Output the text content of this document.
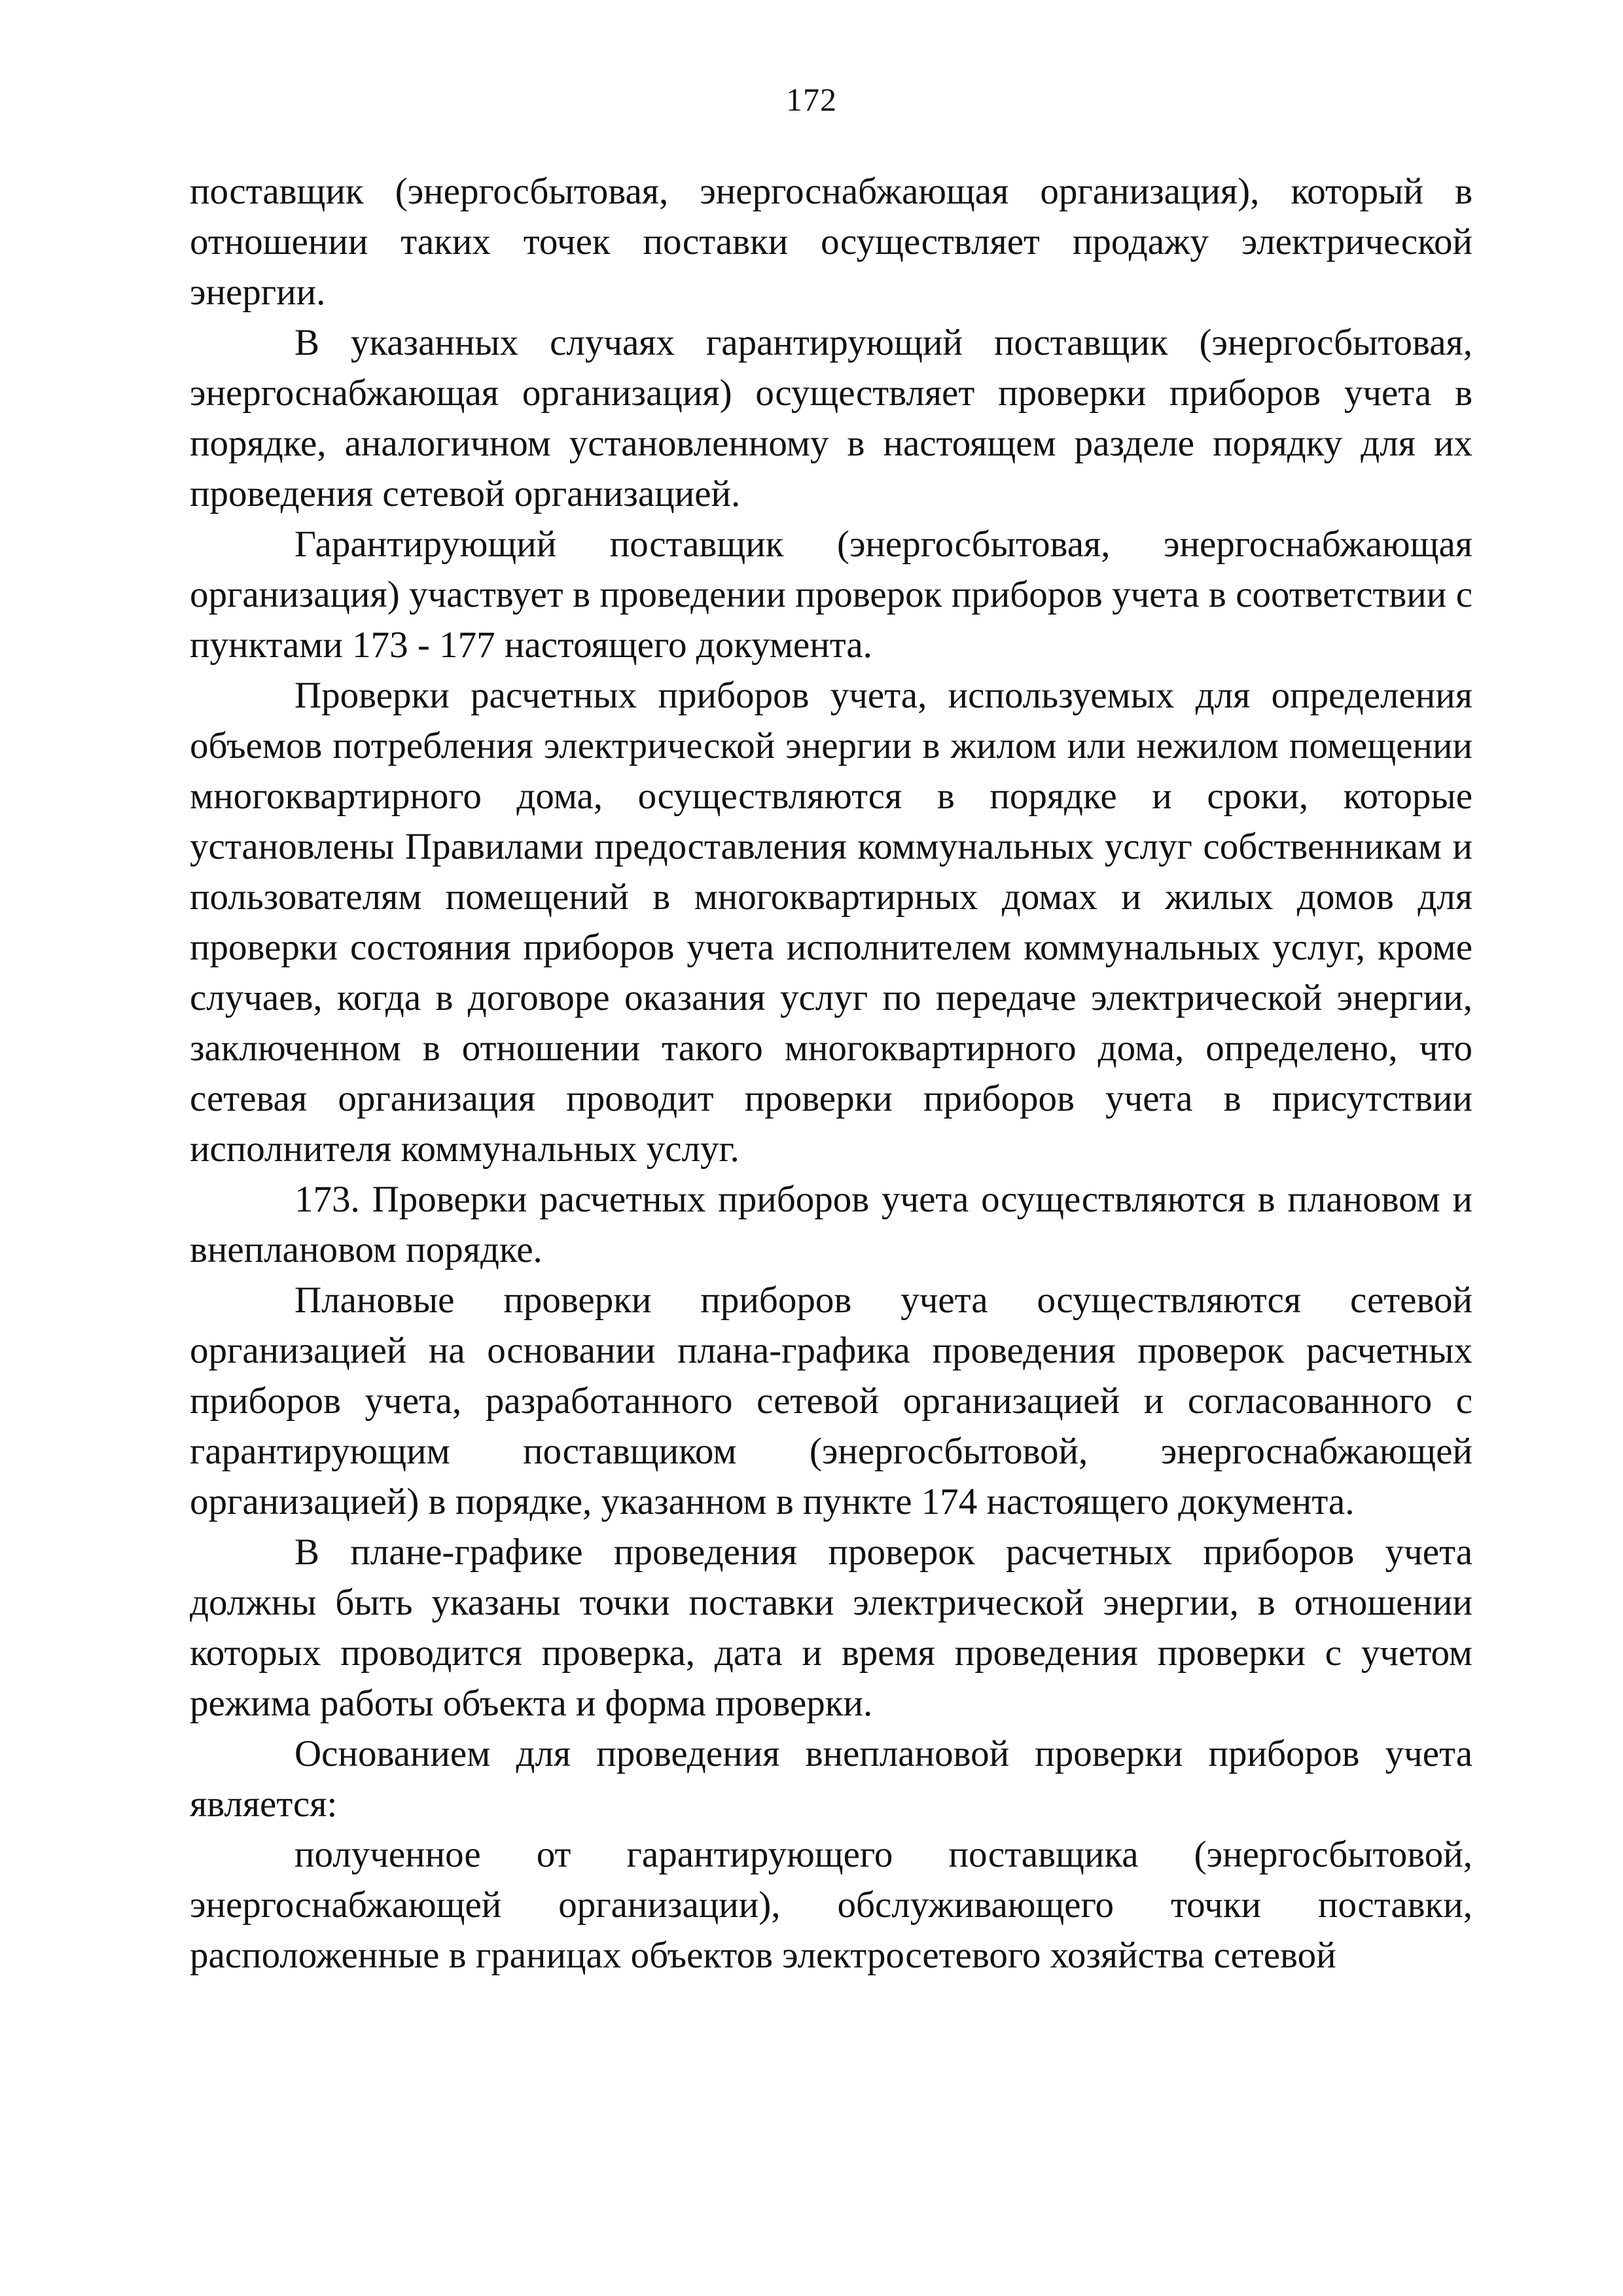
172

поставщик (энергосбытовая, энергоснабжающая организация), который в отношении таких точек поставки осуществляет продажу электрической энергии.

В указанных случаях гарантирующий поставщик (энергосбытовая, энергоснабжающая организация) осуществляет проверки приборов учета в порядке, аналогичном установленному в настоящем разделе порядку для их проведения сетевой организацией.

Гарантирующий поставщик (энергосбытовая, энергоснабжающая организация) участвует в проведении проверок приборов учета в соответствии с пунктами 173 - 177 настоящего документа.

Проверки расчетных приборов учета, используемых для определения объемов потребления электрической энергии в жилом или нежилом помещении многоквартирного дома, осуществляются в порядке и сроки, которые установлены Правилами предоставления коммунальных услуг собственникам и пользователям помещений в многоквартирных домах и жилых домов для проверки состояния приборов учета исполнителем коммунальных услуг, кроме случаев, когда в договоре оказания услуг по передаче электрической энергии, заключенном в отношении такого многоквартирного дома, определено, что сетевая организация проводит проверки приборов учета в присутствии исполнителя коммунальных услуг.

173. Проверки расчетных приборов учета осуществляются в плановом и внеплановом порядке.

Плановые проверки приборов учета осуществляются сетевой организацией на основании плана-графика проведения проверок расчетных приборов учета, разработанного сетевой организацией и согласованного с гарантирующим поставщиком (энергосбытовой, энергоснабжающей организацией) в порядке, указанном в пункте 174 настоящего документа.

В плане-графике проведения проверок расчетных приборов учета должны быть указаны точки поставки электрической энергии, в отношении которых проводится проверка, дата и время проведения проверки с учетом режима работы объекта и форма проверки.

Основанием для проведения внеплановой проверки приборов учета является:

полученное от гарантирующего поставщика (энергосбытовой, энергоснабжающей организации), обслуживающего точки поставки, расположенные в границах объектов электросетевого хозяйства сетевой
